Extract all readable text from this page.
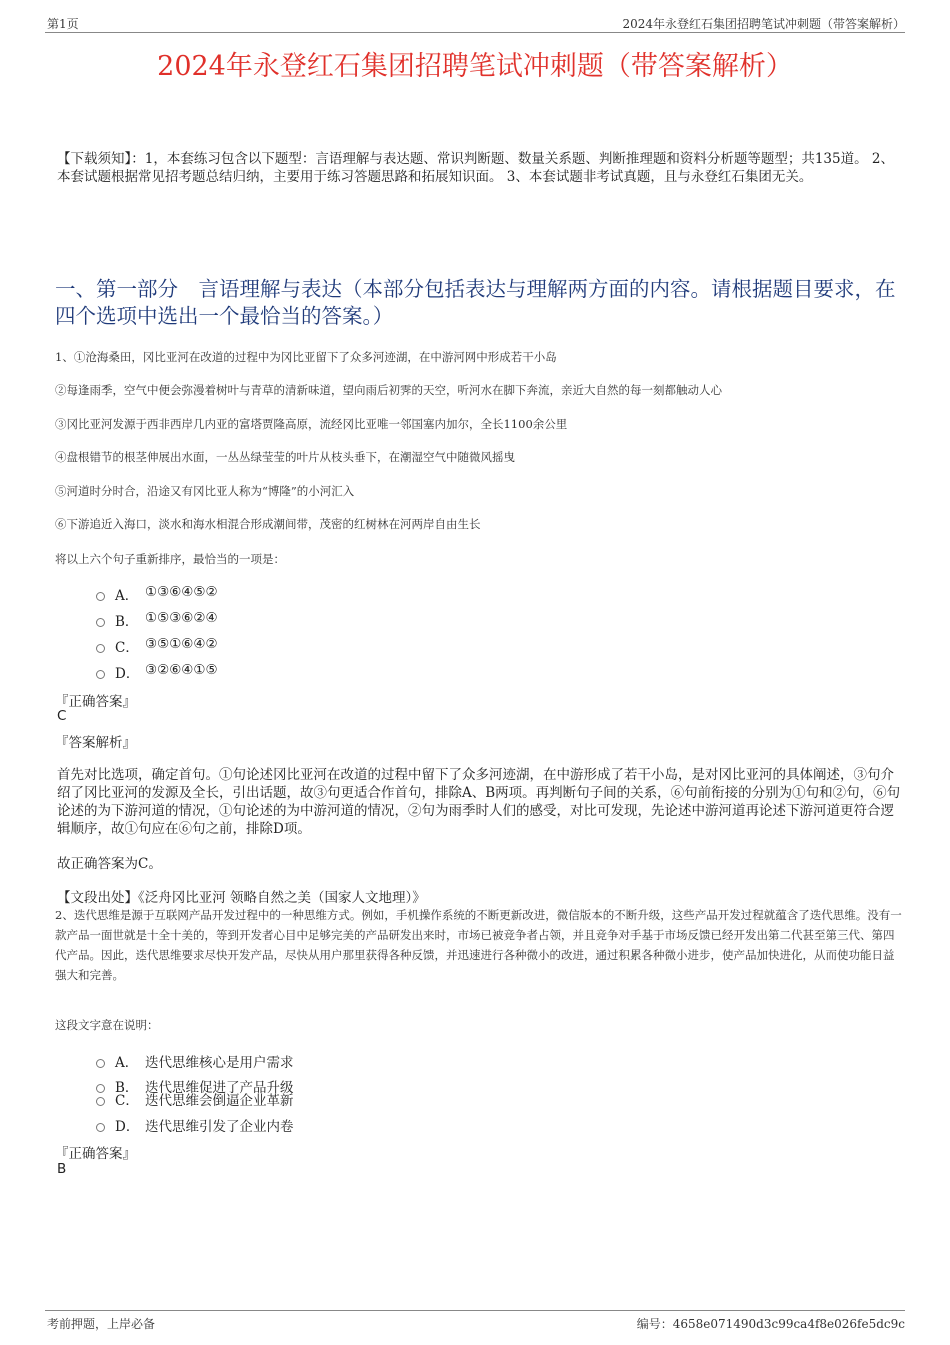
第1页	2024年永登红石集团招聘笔试冲刺题（带答案解析）
2024年永登红石集团招聘笔试冲刺题（带答案解析）
【下载须知】：1，本套练习包含以下题型：言语理解与表达题、常识判断题、数量关系题、判断推理题和资料分析题等题型；共135道。 2、本套试题根据常见招考题总结归纳，主要用于练习答题思路和拓展知识面。 3、本套试题非考试真题，且与永登红石集团无关。
一、第一部分　言语理解与表达（本部分包括表达与理解两方面的内容。请根据题目要求，在四个选项中选出一个最恰当的答案。）
1、①沧海桑田，冈比亚河在改道的过程中为冈比亚留下了众多河迹湖，在中游河网中形成若干小岛
②每逢雨季，空气中便会弥漫着树叶与青草的清新味道，望向雨后初霁的天空，听河水在脚下奔流，亲近大自然的每一刻都触动人心
③冈比亚河发源于西非西岸几内亚的富塔贾隆高原，流经冈比亚唯一邻国塞内加尔，全长1100余公里
④盘根错节的根茎伸展出水面，一丛丛绿莹莹的叶片从枝头垂下，在潮湿空气中随微风摇曳
⑤河道时分时合，沿途又有冈比亚人称为“博隆”的小河汇入
⑥下游追近入海口，淡水和海水相混合形成潮间带，茂密的红树林在河两岸自由生长
将以上六个句子重新排序，最恰当的一项是：
A． ①③⑥④⑤②
B． ①⑤③⑥②④
C． ③⑤①⑥④②
D． ③②⑥④①⑤
『正确答案』
C
『答案解析』
首先对比选项，确定首句。①句论述冈比亚河在改道的过程中留下了众多河迹湖，在中游形成了若干小岛，是对冈比亚河的具体阐述，③句介绍了冈比亚河的发源及全长，引出话题，故③句更适合作首句，排除A、B两项。再判断句子间的关系，⑥句前衔接的分别为①句和②句，⑥句论述的为下游河道的情况，①句论述的为中游河道的情况，②句为雨季时人们的感受，对比可发现，先论述中游河道再论述下游河道更符合逻辑顺序，故①句应在⑥句之前，排除D项。
故正确答案为C。
【文段出处】《泛舟冈比亚河 领略自然之美（国家人文地理）》
2、迭代思维是源于互联网产品开发过程中的一种思维方式。例如，手机操作系统的不断更新改进，微信版本的不断升级，这些产品开发过程就蕴含了迭代思维。没有一款产品一面世就是十全十美的，等到开发者心目中足够完美的产品研发出来时，市场已被竞争者占领，并且竞争对手基于市场反馈已经开发出第二代甚至第三代、第四代产品。因此，迭代思维要求尽快开发产品，尽快从用户那里获得各种反馈，并迅速进行各种微小的改进，通过积累各种微小进步，使产品加快进化，从而使功能日益强大和完善。
这段文字意在说明：
A． 迭代思维核心是用户需求
B． 迭代思维促进了产品升级
C． 迭代思维会倒逼企业革新
D． 迭代思维引发了企业内卷
『正确答案』
B
考前押题，上岸必备	编号：4658e071490d3c99ca4f8e026fe5dc9c
